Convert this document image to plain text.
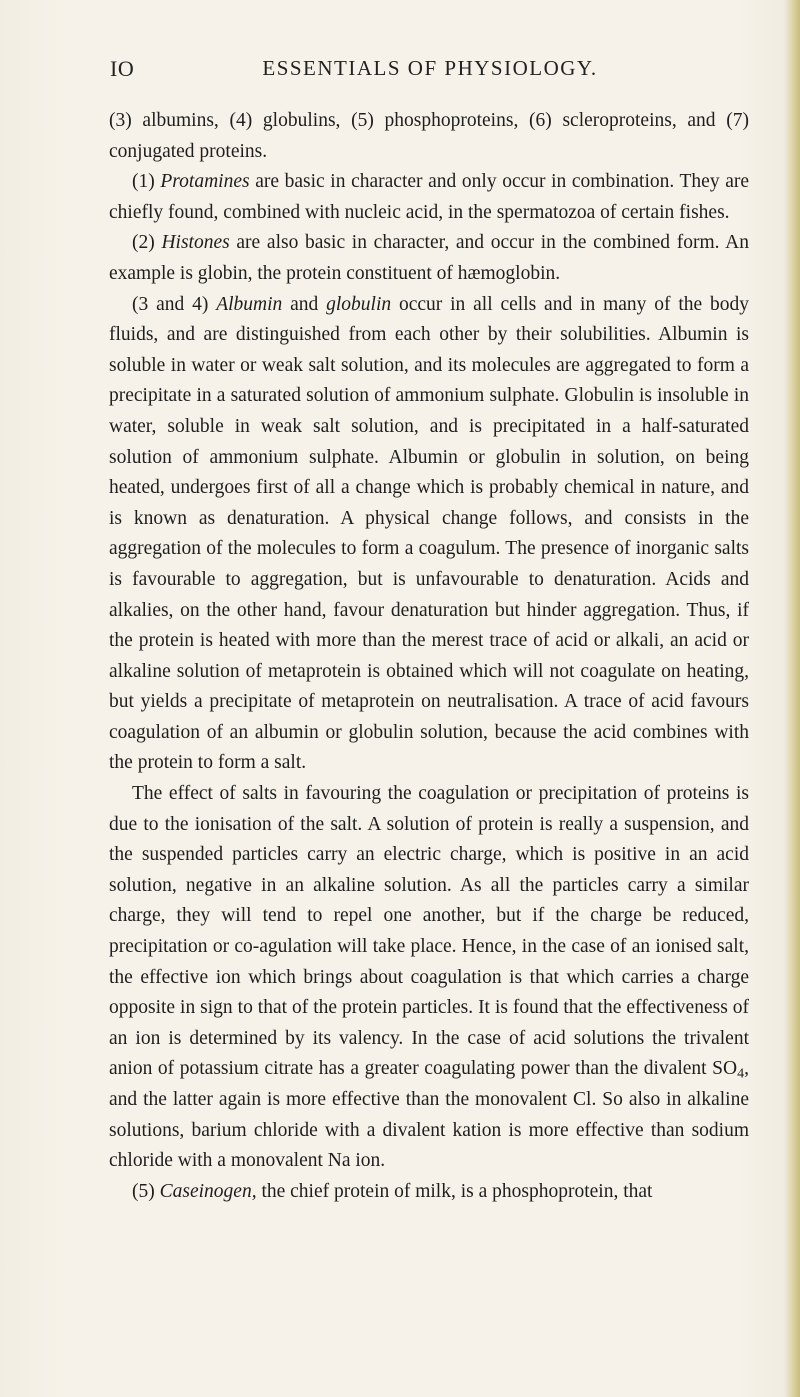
IO	ESSENTIALS OF PHYSIOLOGY.

(3) albumins, (4) globulins, (5) phosphoproteins, (6) scleroproteins, and (7) conjugated proteins.

(1) Protamines are basic in character and only occur in combination. They are chiefly found, combined with nucleic acid, in the spermatozoa of certain fishes.

(2) Histones are also basic in character, and occur in the combined form. An example is globin, the protein constituent of hæmoglobin.

(3 and 4) Albumin and globulin occur in all cells and in many of the body fluids, and are distinguished from each other by their solubilities. Albumin is soluble in water or weak salt solution, and its molecules are aggregated to form a precipitate in a saturated solution of ammonium sulphate. Globulin is insoluble in water, soluble in weak salt solution, and is precipitated in a half-saturated solution of ammonium sulphate. Albumin or globulin in solution, on being heated, undergoes first of all a change which is probably chemical in nature, and is known as denaturation. A physical change follows, and consists in the aggregation of the molecules to form a coagulum. The presence of inorganic salts is favourable to aggregation, but is unfavourable to denaturation. Acids and alkalies, on the other hand, favour denaturation but hinder aggregation. Thus, if the protein is heated with more than the merest trace of acid or alkali, an acid or alkaline solution of metaprotein is obtained which will not coagulate on heating, but yields a precipitate of metaprotein on neutralisation. A trace of acid favours coagulation of an albumin or globulin solution, because the acid combines with the protein to form a salt.

The effect of salts in favouring the coagulation or precipitation of proteins is due to the ionisation of the salt. A solution of protein is really a suspension, and the suspended particles carry an electric charge, which is positive in an acid solution, negative in an alkaline solution. As all the particles carry a similar charge, they will tend to repel one another, but if the charge be reduced, precipitation or co-agulation will take place. Hence, in the case of an ionised salt, the effective ion which brings about coagulation is that which carries a charge opposite in sign to that of the protein particles. It is found that the effectiveness of an ion is determined by its valency. In the case of acid solutions the trivalent anion of potassium citrate has a greater coagulating power than the divalent $SO_4$, and the latter again is more effective than the monovalent Cl. So also in alkaline solutions, barium chloride with a divalent kation is more effective than sodium chloride with a monovalent Na ion.

(5) Caseinogen, the chief protein of milk, is a phosphoprotein, that
